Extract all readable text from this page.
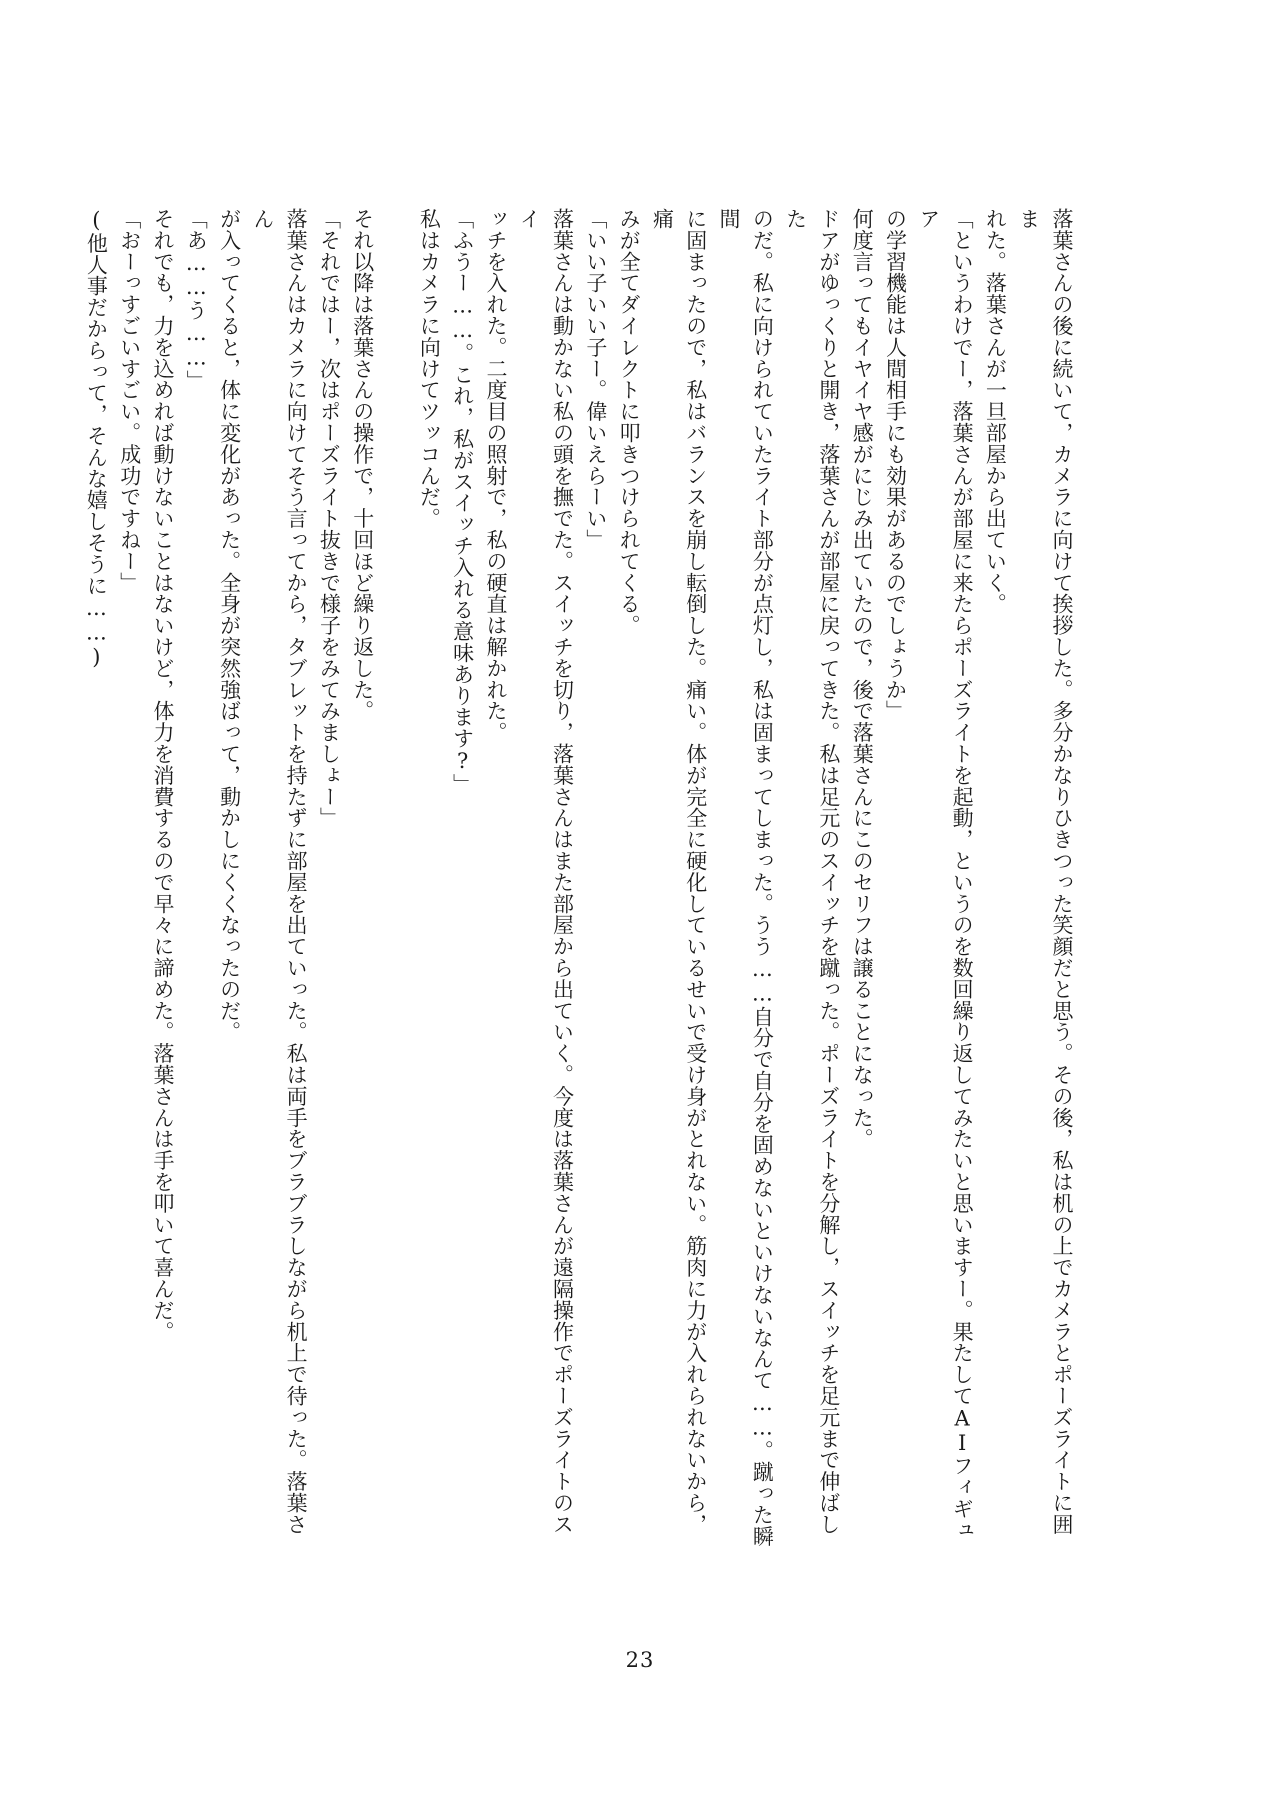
落葉さんの後に続いて，カメラに向けて挨拶した。多分かなりひきつった笑顔だと思う。その後，私は机の上でカメラとポーズライトに囲ま

れた。落葉さんが一旦部屋から出ていく。

「というわけでー，落葉さんが部屋に来たらポーズライトを起動，というのを数回繰り返してみたいと思いますー。果たしてAIフィギュア

の学習機能は人間相手にも効果があるのでしょうか」

何度言ってもイヤイヤ感がにじみ出ていたので，後で落葉さんにこのセリフは譲ることになった。

ドアがゆっくりと開き，落葉さんが部屋に戻ってきた。私は足元のスイッチを蹴った。ポーズライトを分解し，スイッチを足元まで伸ばした

のだ。私に向けられていたライト部分が点灯し，私は固まってしまった。うう……自分で自分を固めないといけないなんて……。蹴った瞬間

に固まったので，私はバランスを崩し転倒した。痛い。体が完全に硬化しているせいで受け身がとれない。筋肉に力が入れられないから，痛

みが全てダイレクトに叩きつけられてくる。

「いい子いい子ー。偉いえらーい」

落葉さんは動かない私の頭を撫でた。スイッチを切り，落葉さんはまた部屋から出ていく。今度は落葉さんが遠隔操作でポーズライトのスイ

ッチを入れた。二度目の照射で，私の硬直は解かれた。

「ふうー……。これ，私がスイッチ入れる意味あります?」

私はカメラに向けてツッコんだ。

それ以降は落葉さんの操作で，十回ほど繰り返した。

「それではー，次はポーズライト抜きで様子をみてみましょー」

落葉さんはカメラに向けてそう言ってから，タブレットを持たずに部屋を出ていった。私は両手をブラブラしながら机上で待った。落葉さん

が入ってくると，体に変化があった。全身が突然強ばって，動かしにくくなったのだ。

「あ……う……」

それでも，力を込めれば動けないことはないけど，体力を消費するので早々に諦めた。落葉さんは手を叩いて喜んだ。

「おーっすごいすごい。成功ですねー」

(他人事だからって，そんな嬉しそうに……)

23
